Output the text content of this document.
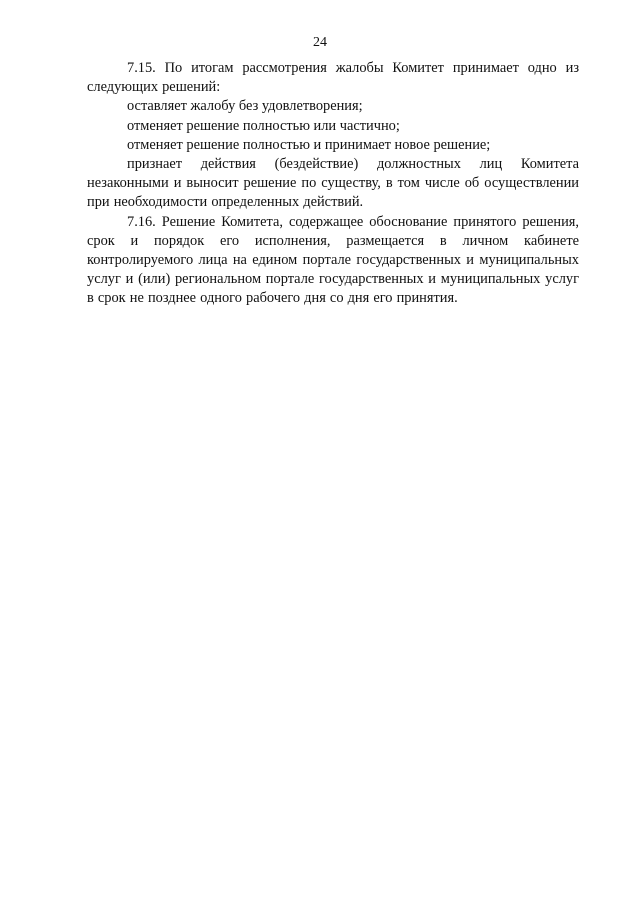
24

7.15. По итогам рассмотрения жалобы Комитет принимает одно из следующих решений:

оставляет жалобу без удовлетворения;

отменяет решение полностью или частично;

отменяет решение полностью и принимает новое решение;

признает действия (бездействие) должностных лиц Комитета незаконными и выносит решение по существу, в том числе об осуществлении при необходимости определенных действий.

7.16. Решение Комитета, содержащее обоснование принятого решения, срок и порядок его исполнения, размещается в личном кабинете контролируемого лица на едином портале государственных и муниципальных услуг и (или) региональном портале государственных и муниципальных услуг в срок не позднее одного рабочего дня со дня его принятия.
